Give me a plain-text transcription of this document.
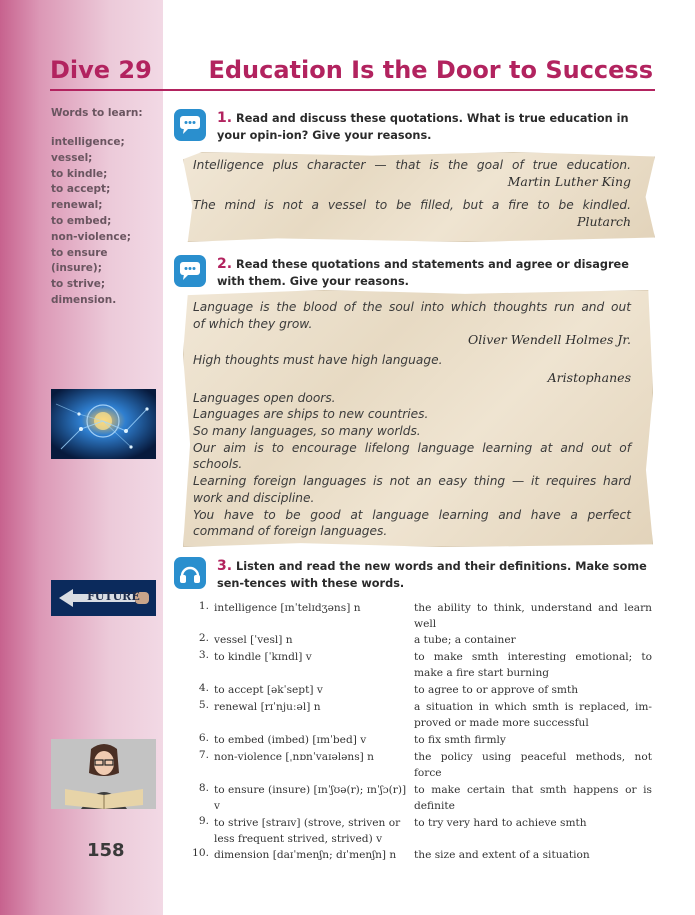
Dive 29 Education Is the Door to Success

Words to learn:

intelligence;
vessel;
to kindle;
to accept;
renewal;
to embed;
non-violence;
to ensure (insure);
to strive;
dimension.
FUTURE
158

1. Read and discuss these quotations. What is true education in your opin-ion? Give your reasons.

Intelligence plus character — that is the goal of true education.

Martin Luther King

The mind is not a vessel to be filled, but a fire to be kindled.

Plutarch

2. Read these quotations and statements and agree or disagree with them. Give your reasons.

Language is the blood of the soul into which thoughts run and out

of which they grow.

Oliver Wendell Holmes Jr.

High thoughts must have high language.

Aristophanes

Languages open doors.

Languages are ships to new countries.

So many languages, so many worlds.

Our aim is to encourage lifelong language learning at and out of

schools.

Learning foreign languages is not an easy thing — it requires hard

work and discipline.

You have to be good at language learning and have a perfect

command of foreign languages.

3. Listen and read the new words and their definitions. Make some sen-tences with these words.

1. intelligence [ɪnˈtelɪdʒəns] n	the ability to think, understand and learn well
2. vessel [ˈvesl] n	a tube; a container
3. to kindle [ˈkɪndl] v	to make smth interesting emotional; to make a fire start burning
4. to accept [əkˈsept] v	to agree to or approve of smth
5. renewal [rɪˈnjuːəl] n	a situation in which smth is replaced, im-proved or made more successful
6. to embed (imbed) [ɪmˈbed] v	to fix smth firmly
7. non-violence [ˌnɒnˈvaɪələns] n	the policy using peaceful methods, not force
8. to ensure (insure) [ɪnˈʃʊə(r); ɪnˈʃɔ(r)] v
to make certain that smth happens or is definite
9. to strive [straɪv] (strove, striven or less frequent strived, strived) v
to try very hard to achieve smth
10. dimension [daɪˈmenʃn; dɪˈmenʃn] n	the size and extent of a situation
